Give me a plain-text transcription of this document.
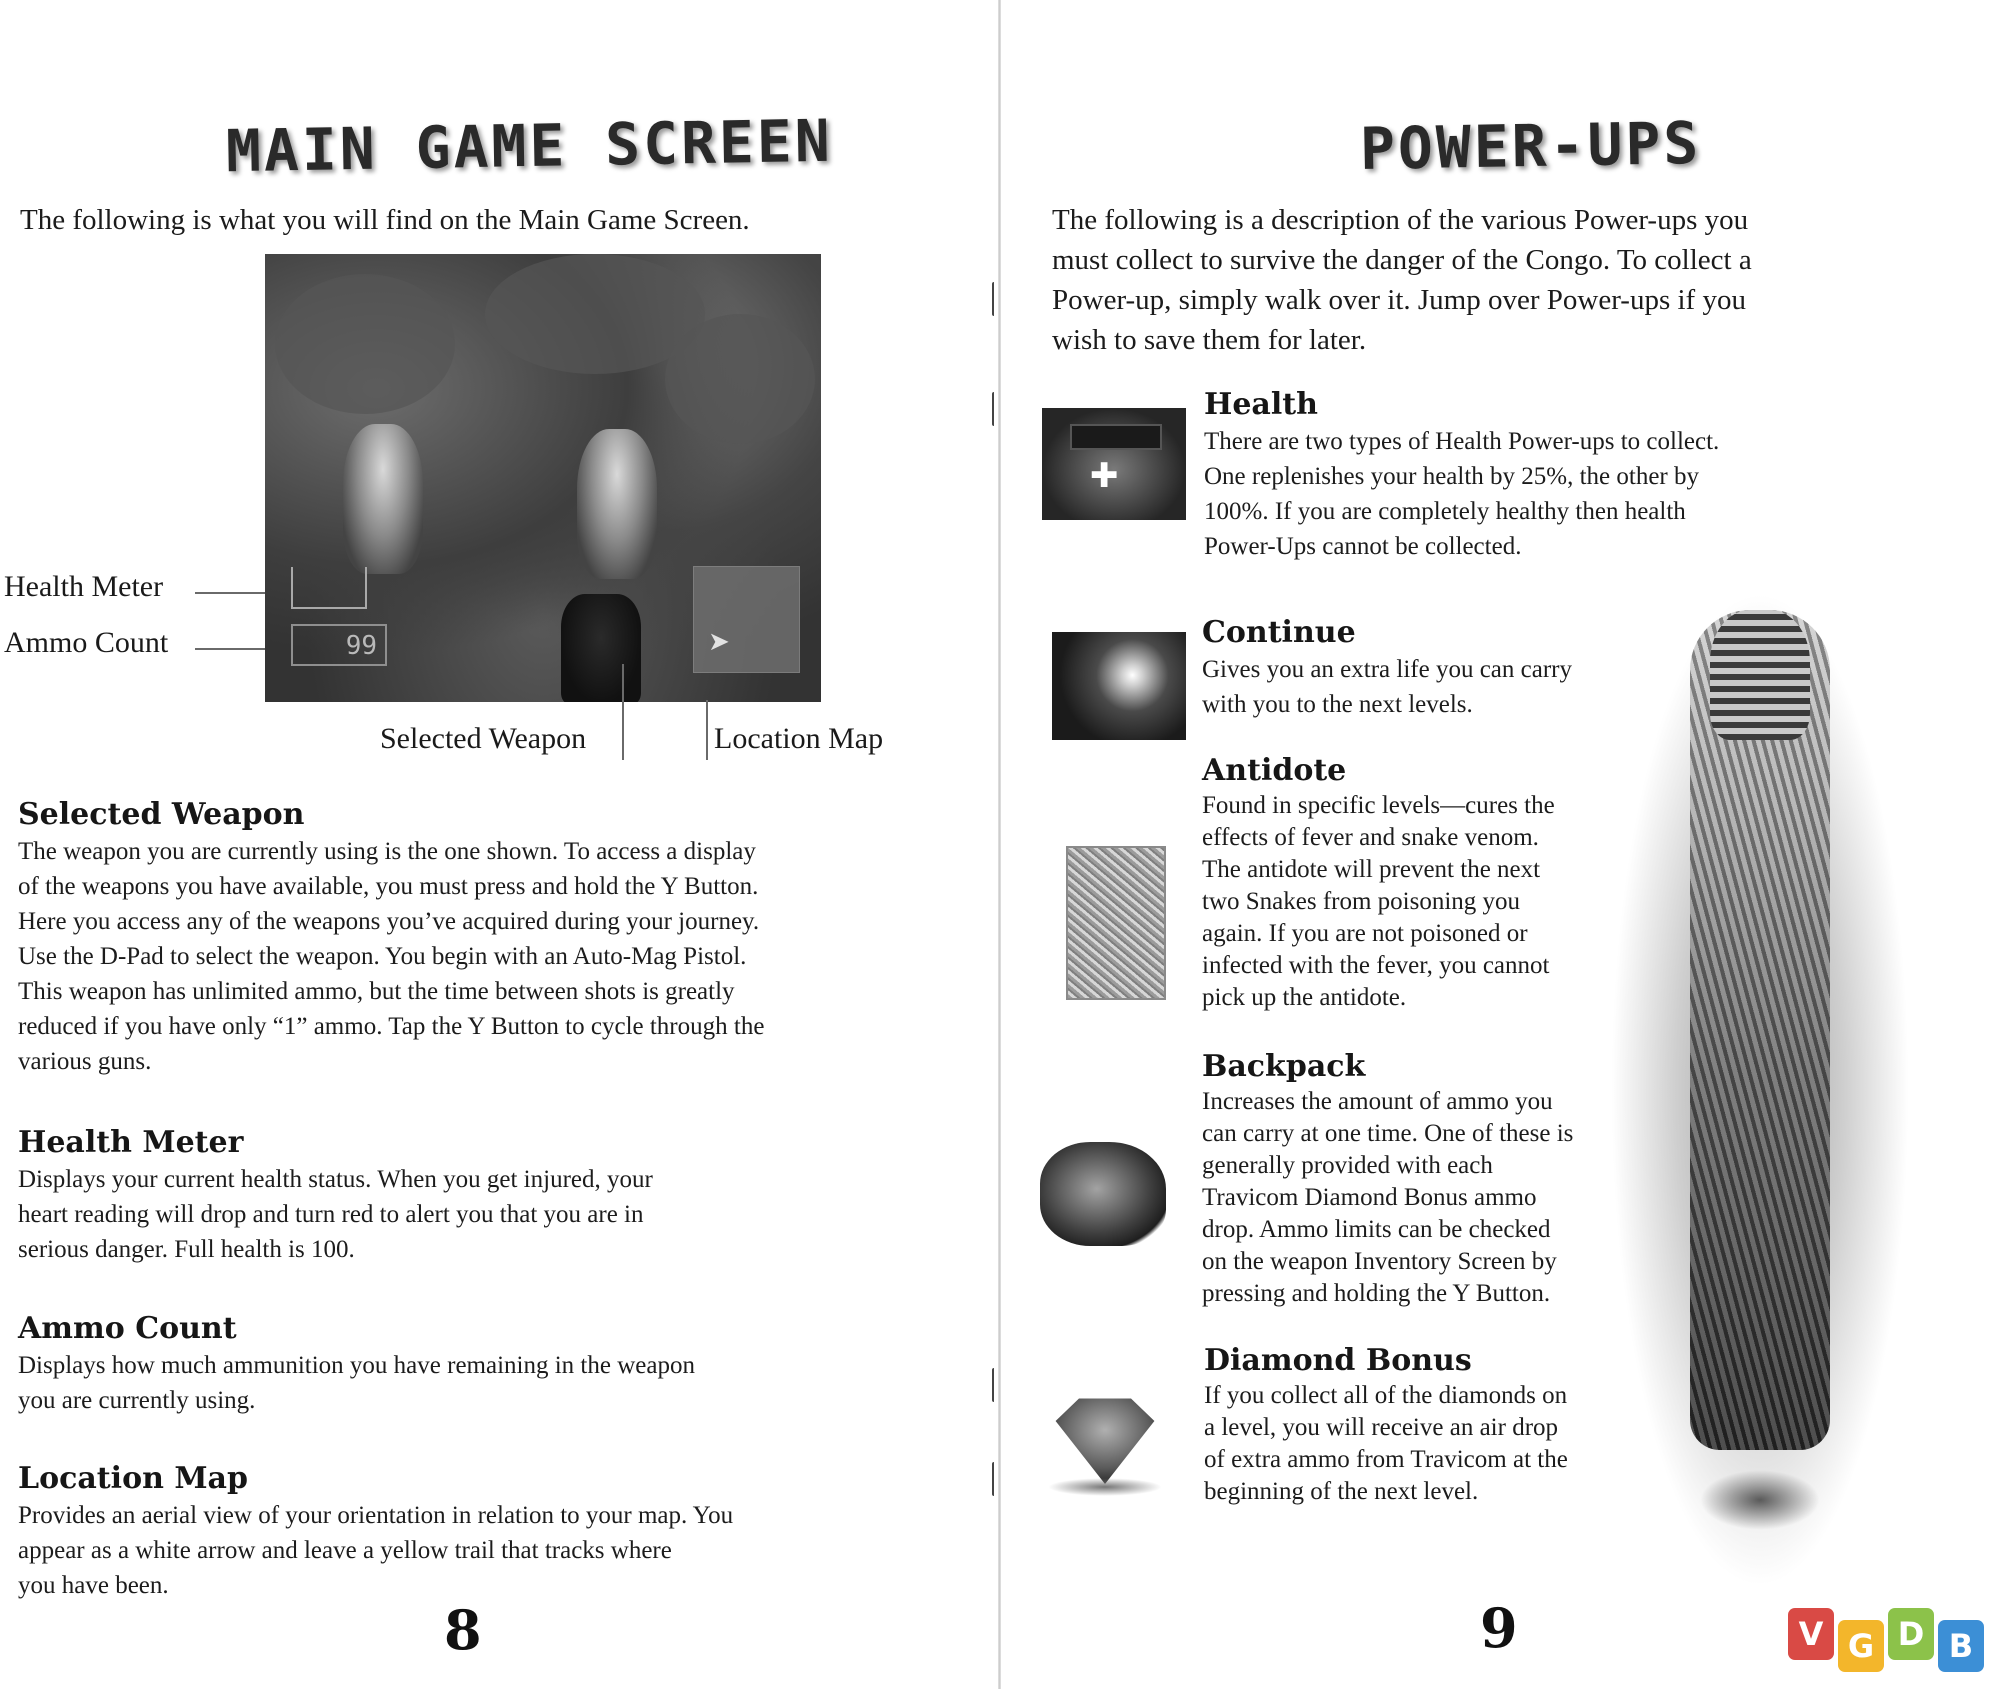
MAIN GAME SCREEN

The following is what you will find on the Main Game Screen.

99	➤
Health Meter
Ammo Count
Selected Weapon	Location Map
Selected Weapon

The weapon you are currently using is the one shown. To access a display

of the weapons you have available, you must press and hold the Y Button.

Here you access any of the weapons you’ve acquired during your journey.

Use the D-Pad to select the weapon. You begin with an Auto-Mag Pistol.

This weapon has unlimited ammo, but the time between shots is greatly

reduced if you have only “1” ammo. Tap the Y Button to cycle through the

various guns.

Health Meter

Displays your current health status. When you get injured, your

heart reading will drop and turn red to alert you that you are in

serious danger. Full health is 100.

Ammo Count

Displays how much ammunition you have remaining in the weapon

you are currently using.

Location Map

Provides an aerial view of your orientation in relation to your map. You

appear as a white arrow and leave a yellow trail that tracks where

you have been.

8
POWER-UPS

The following is a description of the various Power-ups you

must collect to survive the danger of the Congo. To collect a

Power-up, simply walk over it. Jump over Power-ups if you

wish to save them for later.

✚
Health

There are two types of Health Power-ups to collect.

One replenishes your health by 25%, the other by

100%. If you are completely healthy then health

Power-Ups cannot be collected.

Continue

Gives you an extra life you can carry

with you to the next levels.

Antidote

Found in specific levels—cures the

effects of fever and snake venom.

The antidote will prevent the next

two Snakes from poisoning you

again. If you are not poisoned or

infected with the fever, you cannot

pick up the antidote.

Backpack

Increases the amount of ammo you

can carry at one time. One of these is

generally provided with each

Travicom Diamond Bonus ammo

drop. Ammo limits can be checked

on the weapon Inventory Screen by

pressing and holding the Y Button.

Diamond Bonus

If you collect all of the diamonds on

a level, you will receive an air drop

of extra ammo from Travicom at the

beginning of the next level.

9	V G D B
